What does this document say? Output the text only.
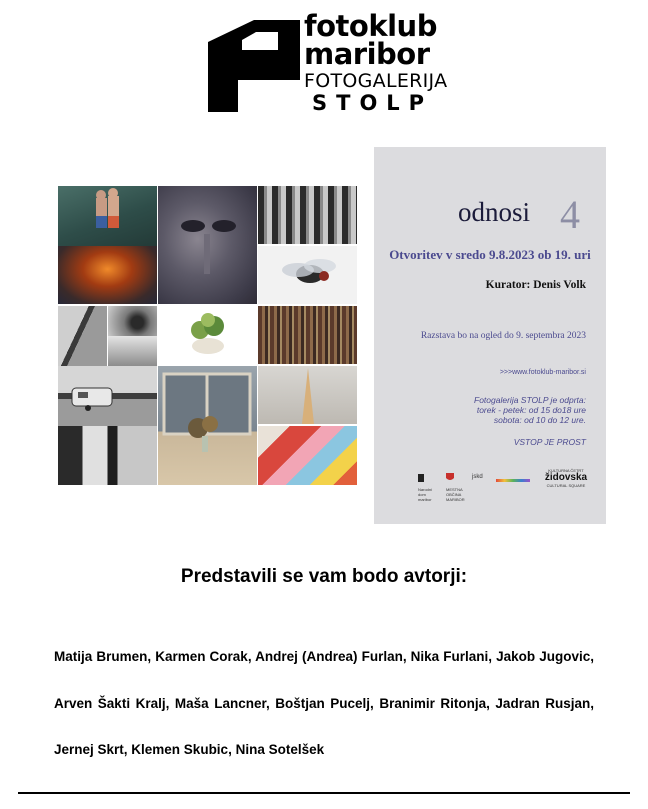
fotoklub
maribor
FOTOGALERIJA
STOLP
odnosi 4
Otvoritev v sredo 9.8.2023 ob 19. uri
Kurator: Denis Volk
Razstava bo na ogled do 9. septembra 2023
>>>www.fotoklub-maribor.si
Fotogalerija STOLP je odprta:
torek - petek: od 15 do18 ure
sobota: od 10 do 12 ure.
VSTOP JE PROST
Narodni dom maribor
MESTNA OBČINA MARIBOR
jskd
KULTURNA ČETRT
židovska
CULTURAL SQUARE
Predstavili se vam bodo avtorji:
Matija Brumen, Karmen Corak, Andrej (Andrea) Furlan, Nika Furlani, Jakob Jugovic, Arven Šakti Kralj, Maša Lancner, Boštjan Pucelj, Branimir Ritonja, Jadran Rusjan, Jernej Skrt, Klemen Skubic, Nina Sotelšek
